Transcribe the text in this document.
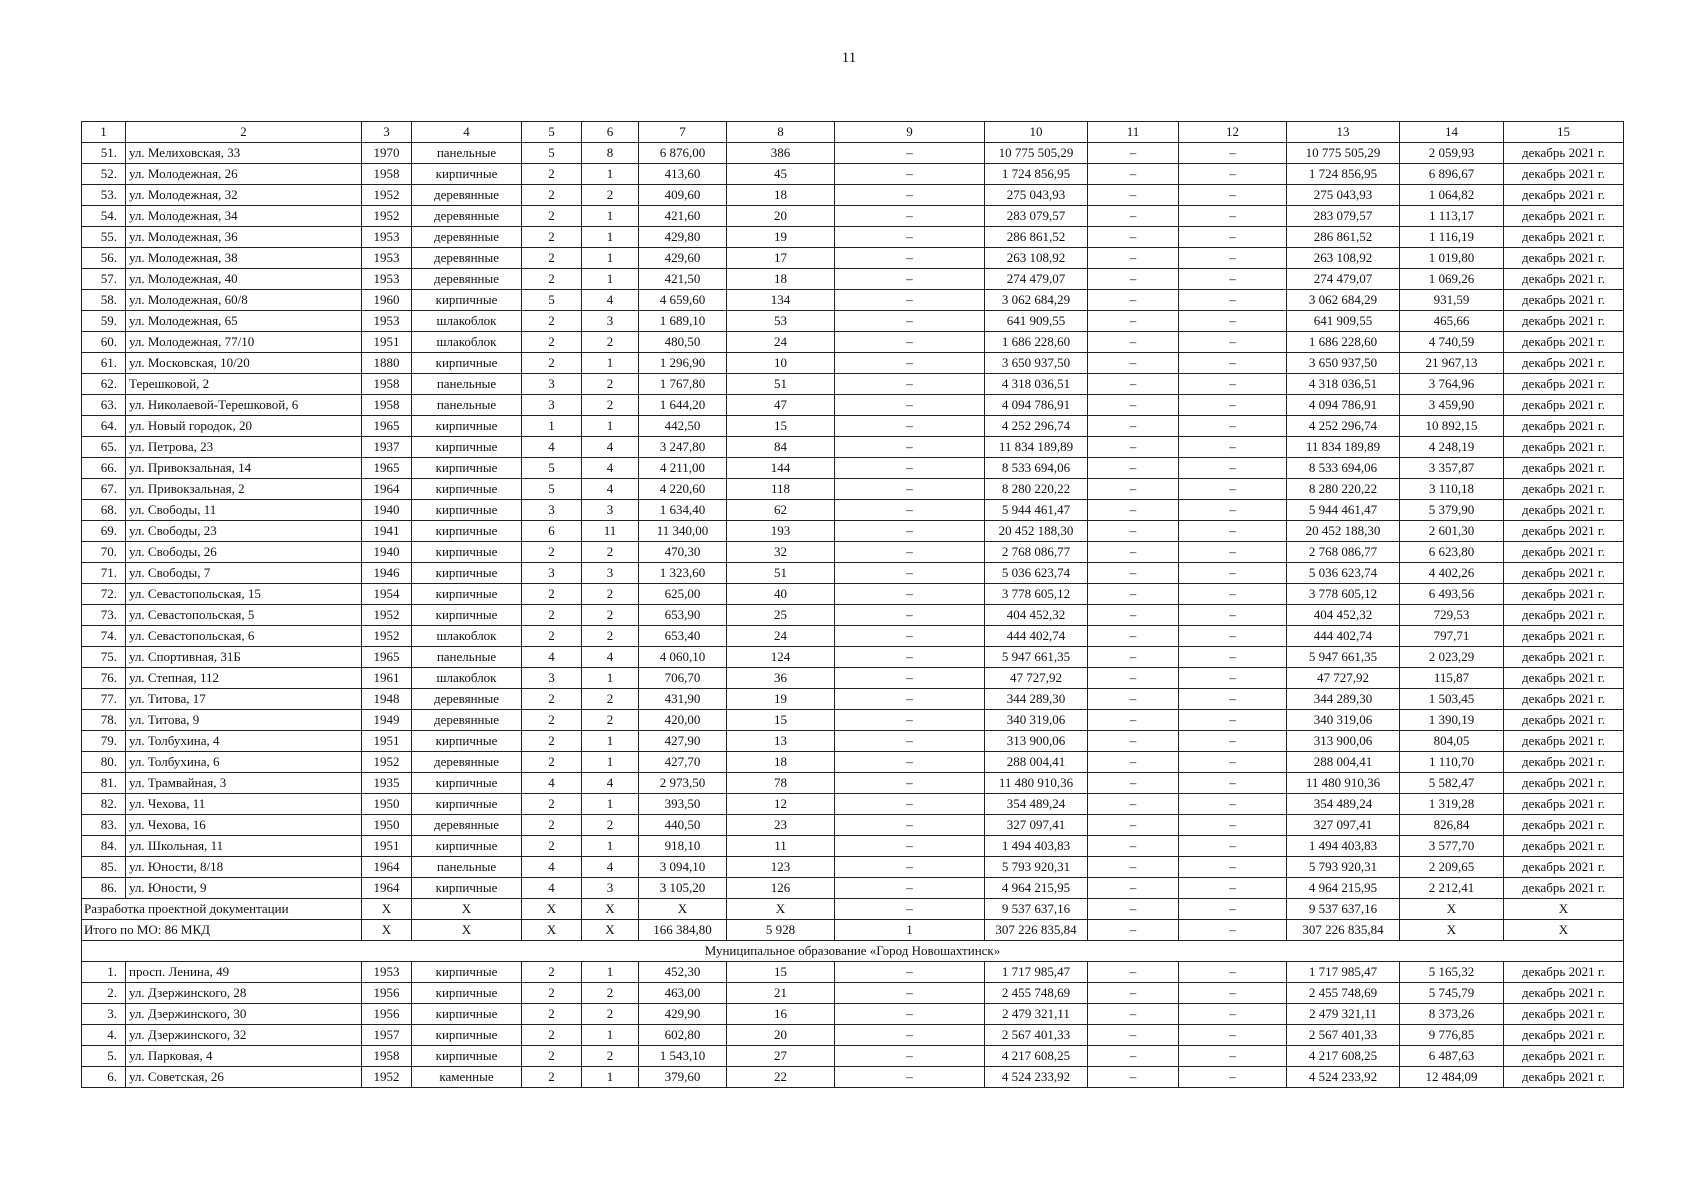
11
1	2	3	4	5	6	7	8	9	10	11	12	13	14	15
51.	ул. Мелиховская, 33	1970	панельные	5	8	6 876,00	386	–	10 775 505,29	–	–	10 775 505,29	2 059,93	декабрь 2021 г.
52.	ул. Молодежная, 26	1958	кирпичные	2	1	413,60	45	–	1 724 856,95	–	–	1 724 856,95	6 896,67	декабрь 2021 г.
53.	ул. Молодежная, 32	1952	деревянные	2	2	409,60	18	–	275 043,93	–	–	275 043,93	1 064,82	декабрь 2021 г.
54.	ул. Молодежная, 34	1952	деревянные	2	1	421,60	20	–	283 079,57	–	–	283 079,57	1 113,17	декабрь 2021 г.
55.	ул. Молодежная, 36	1953	деревянные	2	1	429,80	19	–	286 861,52	–	–	286 861,52	1 116,19	декабрь 2021 г.
56.	ул. Молодежная, 38	1953	деревянные	2	1	429,60	17	–	263 108,92	–	–	263 108,92	1 019,80	декабрь 2021 г.
57.	ул. Молодежная, 40	1953	деревянные	2	1	421,50	18	–	274 479,07	–	–	274 479,07	1 069,26	декабрь 2021 г.
58.	ул. Молодежная, 60/8	1960	кирпичные	5	4	4 659,60	134	–	3 062 684,29	–	–	3 062 684,29	931,59	декабрь 2021 г.
59.	ул. Молодежная, 65	1953	шлакоблок	2	3	1 689,10	53	–	641 909,55	–	–	641 909,55	465,66	декабрь 2021 г.
60.	ул. Молодежная, 77/10	1951	шлакоблок	2	2	480,50	24	–	1 686 228,60	–	–	1 686 228,60	4 740,59	декабрь 2021 г.
61.	ул. Московская, 10/20	1880	кирпичные	2	1	1 296,90	10	–	3 650 937,50	–	–	3 650 937,50	21 967,13	декабрь 2021 г.
62.	Терешковой, 2	1958	панельные	3	2	1 767,80	51	–	4 318 036,51	–	–	4 318 036,51	3 764,96	декабрь 2021 г.
63.	ул. Николаевой-Терешковой, 6	1958	панельные	3	2	1 644,20	47	–	4 094 786,91	–	–	4 094 786,91	3 459,90	декабрь 2021 г.
64.	ул. Новый городок, 20	1965	кирпичные	1	1	442,50	15	–	4 252 296,74	–	–	4 252 296,74	10 892,15	декабрь 2021 г.
65.	ул. Петрова, 23	1937	кирпичные	4	4	3 247,80	84	–	11 834 189,89	–	–	11 834 189,89	4 248,19	декабрь 2021 г.
66.	ул. Привокзальная, 14	1965	кирпичные	5	4	4 211,00	144	–	8 533 694,06	–	–	8 533 694,06	3 357,87	декабрь 2021 г.
67.	ул. Привокзальная, 2	1964	кирпичные	5	4	4 220,60	118	–	8 280 220,22	–	–	8 280 220,22	3 110,18	декабрь 2021 г.
68.	ул. Свободы, 11	1940	кирпичные	3	3	1 634,40	62	–	5 944 461,47	–	–	5 944 461,47	5 379,90	декабрь 2021 г.
69.	ул. Свободы, 23	1941	кирпичные	6	11	11 340,00	193	–	20 452 188,30	–	–	20 452 188,30	2 601,30	декабрь 2021 г.
70.	ул. Свободы, 26	1940	кирпичные	2	2	470,30	32	–	2 768 086,77	–	–	2 768 086,77	6 623,80	декабрь 2021 г.
71.	ул. Свободы, 7	1946	кирпичные	3	3	1 323,60	51	–	5 036 623,74	–	–	5 036 623,74	4 402,26	декабрь 2021 г.
72.	ул. Севастопольская, 15	1954	кирпичные	2	2	625,00	40	–	3 778 605,12	–	–	3 778 605,12	6 493,56	декабрь 2021 г.
73.	ул. Севастопольская, 5	1952	кирпичные	2	2	653,90	25	–	404 452,32	–	–	404 452,32	729,53	декабрь 2021 г.
74.	ул. Севастопольская, 6	1952	шлакоблок	2	2	653,40	24	–	444 402,74	–	–	444 402,74	797,71	декабрь 2021 г.
75.	ул. Спортивная, 31Б	1965	панельные	4	4	4 060,10	124	–	5 947 661,35	–	–	5 947 661,35	2 023,29	декабрь 2021 г.
76.	ул. Степная, 112	1961	шлакоблок	3	1	706,70	36	–	47 727,92	–	–	47 727,92	115,87	декабрь 2021 г.
77.	ул. Титова, 17	1948	деревянные	2	2	431,90	19	–	344 289,30	–	–	344 289,30	1 503,45	декабрь 2021 г.
78.	ул. Титова, 9	1949	деревянные	2	2	420,00	15	–	340 319,06	–	–	340 319,06	1 390,19	декабрь 2021 г.
79.	ул. Толбухина, 4	1951	кирпичные	2	1	427,90	13	–	313 900,06	–	–	313 900,06	804,05	декабрь 2021 г.
80.	ул. Толбухина, 6	1952	деревянные	2	1	427,70	18	–	288 004,41	–	–	288 004,41	1 110,70	декабрь 2021 г.
81.	ул. Трамвайная, 3	1935	кирпичные	4	4	2 973,50	78	–	11 480 910,36	–	–	11 480 910,36	5 582,47	декабрь 2021 г.
82.	ул. Чехова, 11	1950	кирпичные	2	1	393,50	12	–	354 489,24	–	–	354 489,24	1 319,28	декабрь 2021 г.
83.	ул. Чехова, 16	1950	деревянные	2	2	440,50	23	–	327 097,41	–	–	327 097,41	826,84	декабрь 2021 г.
84.	ул. Школьная, 11	1951	кирпичные	2	1	918,10	11	–	1 494 403,83	–	–	1 494 403,83	3 577,70	декабрь 2021 г.
85.	ул. Юности, 8/18	1964	панельные	4	4	3 094,10	123	–	5 793 920,31	–	–	5 793 920,31	2 209,65	декабрь 2021 г.
86.	ул. Юности, 9	1964	кирпичные	4	3	3 105,20	126	–	4 964 215,95	–	–	4 964 215,95	2 212,41	декабрь 2021 г.
Разработка проектной документации		X	X	X	X	X	X	–	9 537 637,16	–	–	9 537 637,16	X	X
Итого по МО: 86 МКД		X	X	X	X	166 384,80	5 928	1	307 226 835,84	–	–	307 226 835,84	X	X
Муниципальное образование «Город Новошахтинск»														
1.	просп. Ленина, 49	1953	кирпичные	2	1	452,30	15	–	1 717 985,47	–	–	1 717 985,47	5 165,32	декабрь 2021 г.
2.	ул. Дзержинского, 28	1956	кирпичные	2	2	463,00	21	–	2 455 748,69	–	–	2 455 748,69	5 745,79	декабрь 2021 г.
3.	ул. Дзержинского, 30	1956	кирпичные	2	2	429,90	16	–	2 479 321,11	–	–	2 479 321,11	8 373,26	декабрь 2021 г.
4.	ул. Дзержинского, 32	1957	кирпичные	2	1	602,80	20	–	2 567 401,33	–	–	2 567 401,33	9 776,85	декабрь 2021 г.
5.	ул. Парковая, 4	1958	кирпичные	2	2	1 543,10	27	–	4 217 608,25	–	–	4 217 608,25	6 487,63	декабрь 2021 г.
6.	ул. Советская, 26	1952	каменные	2	1	379,60	22	–	4 524 233,92	–	–	4 524 233,92	12 484,09	декабрь 2021 г.
